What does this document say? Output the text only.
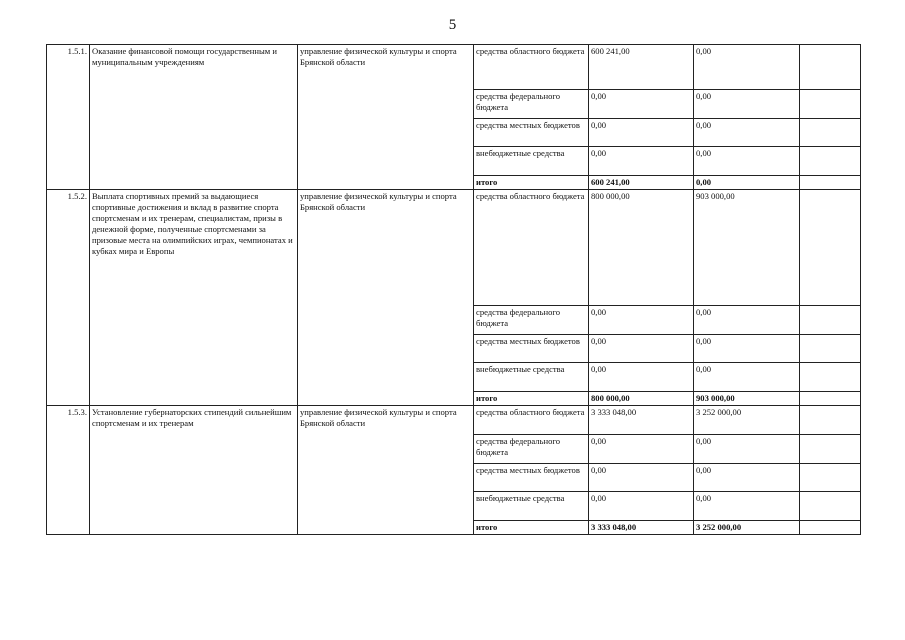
5
1.5.1.	Оказание финансовой помощи государственным и муниципальным учреждениям	управление физической культуры и спорта Брянской области	средства областного бюджета	600 241,00	0,00	
			средства федерального бюджета	0,00	0,00	
			средства местных бюджетов	0,00	0,00	
			внебюджетные средства	0,00	0,00	
			итого	600 241,00	0,00	
1.5.2.	Выплата спортивных премий за выдающиеся спортивные достижения и вклад в развитие спорта спортсменам и их тренерам, специалистам, призы в денежной форме, полученные спортсменами за призовые места на олимпийских играх, чемпионатах и кубках мира и Европы	управление физической культуры и спорта Брянской области	средства областного бюджета	800 000,00	903 000,00	
			средства федерального бюджета	0,00	0,00	
			средства местных бюджетов	0,00	0,00	
			внебюджетные средства	0,00	0,00	
			итого	800 000,00	903 000,00	
1.5.3.	Установление губернаторских стипендий сильнейшим спортсменам и их тренерам	управление физической культуры и спорта Брянской области	средства областного бюджета	3 333 048,00	3 252 000,00	
			средства федерального бюджета	0,00	0,00	
			средства местных бюджетов	0,00	0,00	
			внебюджетные средства	0,00	0,00	
			итого	3 333 048,00	3 252 000,00	
